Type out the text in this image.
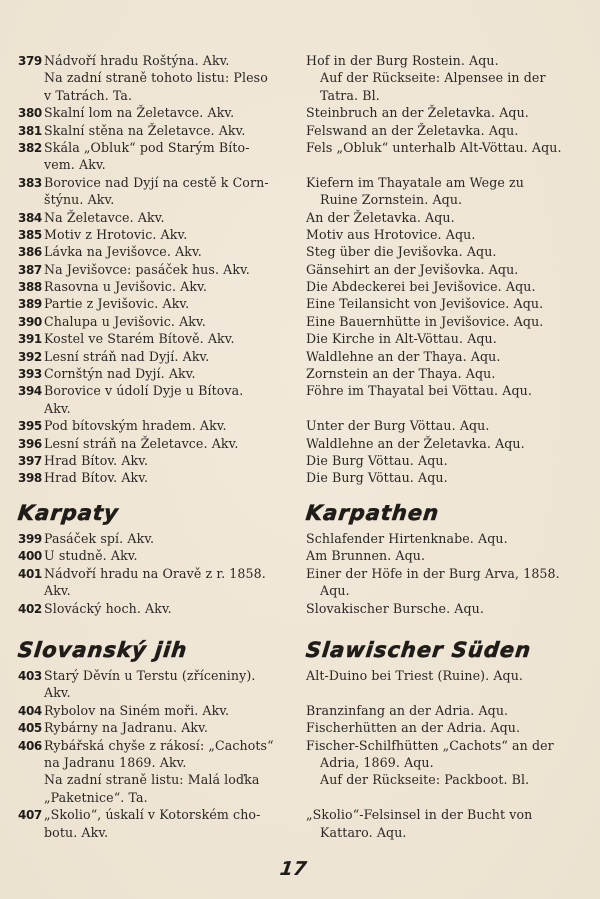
379 Nádvoří hradu Roštýna. Akv.
Na zadní straně tohoto listu: Pleso
v Tatrách. Ta.
380 Skalní lom na Želetavce. Akv.
381 Skalní stěna na Želetavce. Akv.
382 Skála „Obluk“ pod Starým Bíto-
vem. Akv.
383 Borovice nad Dyjí na cestě k Corn-
štýnu. Akv.
384 Na Želetavce. Akv.
385 Motiv z Hrotovic. Akv.
386 Lávka na Jevišovce. Akv.
387 Na Jevišovce: pasáček hus. Akv.
388 Rasovna u Jevišovic. Akv.
389 Partie z Jevišovic. Akv.
390 Chalupa u Jevišovic. Akv.
391 Kostel ve Starém Bítově. Akv.
392 Lesní stráň nad Dyjí. Akv.
393 Cornštýn nad Dyjí. Akv.
394 Borovice v údolí Dyje u Bítova.
Akv.
395 Pod bítovským hradem. Akv.
396 Lesní stráň na Želetavce. Akv.
397 Hrad Bítov. Akv.
398 Hrad Bítov. Akv.
Hof in der Burg Rostein. Aqu.
Auf der Rückseite: Alpensee in der
Tatra. Bl.
Steinbruch an der Želetavka. Aqu.
Felswand an der Želetavka. Aqu.
Fels „Obluk“ unterhalb Alt-Vöttau. Aqu.
Kiefern im Thayatale am Wege zu
Ruine Zornstein. Aqu.
An der Želetavka. Aqu.
Motiv aus Hrotovice. Aqu.
Steg über die Jevišovka. Aqu.
Gänsehirt an der Jevišovka. Aqu.
Die Abdeckerei bei Jevišovice. Aqu.
Eine Teilansicht von Jevišovice. Aqu.
Eine Bauernhütte in Jevišovice. Aqu.
Die Kirche in Alt-Vöttau. Aqu.
Waldlehne an der Thaya. Aqu.
Zornstein an der Thaya. Aqu.
Föhre im Thayatal bei Vöttau. Aqu.
Unter der Burg Vöttau. Aqu.
Waldlehne an der Želetavka. Aqu.
Die Burg Vöttau. Aqu.
Die Burg Vöttau. Aqu.
Karpaty
399 Pasáček spí. Akv.
400 U studně. Akv.
401 Nádvoří hradu na Oravě z r. 1858.
Akv.
402 Slovácký hoch. Akv.
Karpathen
Schlafender Hirtenknabe. Aqu.
Am Brunnen. Aqu.
Einer der Höfe in der Burg Arva, 1858.
Aqu.
Slovakischer Bursche. Aqu.
Slovanský jih
403 Starý Děvín u Terstu (zříceniny).
Akv.
404 Rybolov na Siném moři. Akv.
405 Rybárny na Jadranu. Akv.
406 Rybářská chyše z rákosí: „Cachots“
na Jadranu 1869. Akv.
Na zadní straně listu: Malá loďka
„Paketnice“. Ta.
407 „Skolio“, úskalí v Kotorském cho-
botu. Akv.
Slawischer Süden
Alt-Duino bei Triest (Ruine). Aqu.
Branzinfang an der Adria. Aqu.
Fischerhütten an der Adria. Aqu.
Fischer-Schilfhütten „Cachots“ an der
Adria, 1869. Aqu.
Auf der Rückseite: Packboot. Bl.
„Skolio“-Felsinsel in der Bucht von
Kattaro. Aqu.
17
